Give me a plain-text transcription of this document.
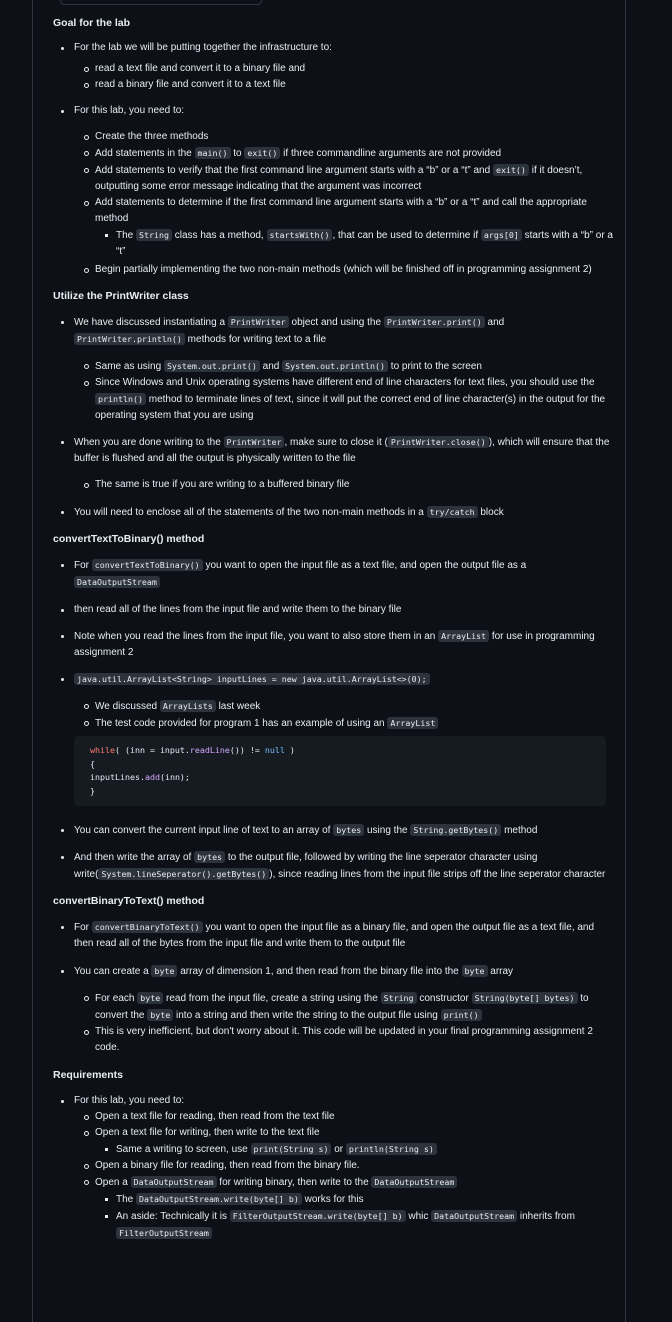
Goal for the lab
For the lab we will be putting together the infrastructure to:
read a text file and convert it to a binary file and
read a binary file and convert it to a text file
For this lab, you need to:
Create the three methods
Add statements in the main() to exit() if three commandline arguments are not provided
Add statements to verify that the first command line argument starts with a “b” or a “t” and exit() if it doesn’t, outputting some error message indicating that the argument was incorrect
Add statements to determine if the first command line argument starts with a “b” or a “t” and call the appropriate method
The String class has a method, startsWith() , that can be used to determine if args[0] starts with a “b” or a “t”
Begin partially implementing the two non-main methods (which will be finished off in programming assignment 2)
Utilize the PrintWriter class
We have discussed instantiating a PrintWriter object and using the PrintWriter.print() and PrintWriter.println() methods for writing text to a file
Same as using System.out.print() and System.out.println() to print to the screen
Since Windows and Unix operating systems have different end of line characters for text files, you should use the println() method to terminate lines of text, since it will put the correct end of line character(s) in the output for the operating system that you are using
When you are done writing to the PrintWriter , make sure to close it ( PrintWriter.close() ), which will ensure that the buffer is flushed and all the output is physically written to the file
The same is true if you are writing to a buffered binary file
You will need to enclose all of the statements of the two non-main methods in a try/catch block
convertTextToBinary() method
For convertTextToBinary() you want to open the input file as a text file, and open the output file as a DataOutputStream
then read all of the lines from the input file and write them to the binary file
Note when you read the lines from the input file, you want to also store them in an ArrayList for use in programming assignment 2
java.util.ArrayList<String> inputLines = new java.util.ArrayList<>(0);
We discussed ArrayLists last week
The test code provided for program 1 has an example of using an ArrayList
while( (inn = input.readLine()) != null )
{
inputLines.add(inn);
}
You can convert the current input line of text to an array of bytes using the String.getBytes() method
And then write the array of bytes to the output file, followed by writing the line seperator character using write( System.lineSeperator().getBytes() ), since reading lines from the input file strips off the line seperator character
convertBinaryToText() method
For convertBinaryToText() you want to open the input file as a binary file, and open the output file as a text file, and then read all of the bytes from the input file and write them to the output file
You can create a byte array of dimension 1, and then read from the binary file into the byte array
For each byte read from the input file, create a string using the String constructor String(byte[] bytes) to convert the byte into a string and then write the string to the output file using print()
This is very inefficient, but don't worry about it. This code will be updated in your final programming assignment 2 code.
Requirements
For this lab, you need to:
Open a text file for reading, then read from the text file
Open a text file for writing, then write to the text file
Same a writing to screen, use print(String s) or println(String s)
Open a binary file for reading, then read from the binary file.
Open a DataOutputStream for writing binary, then write to the DataOutputStream
The DataOutputStream.write(byte[] b) works for this
An aside: Technically it is FilterOutputStream.write(byte[] b) whic DataOutputStream inherits from FilterOutputStream
